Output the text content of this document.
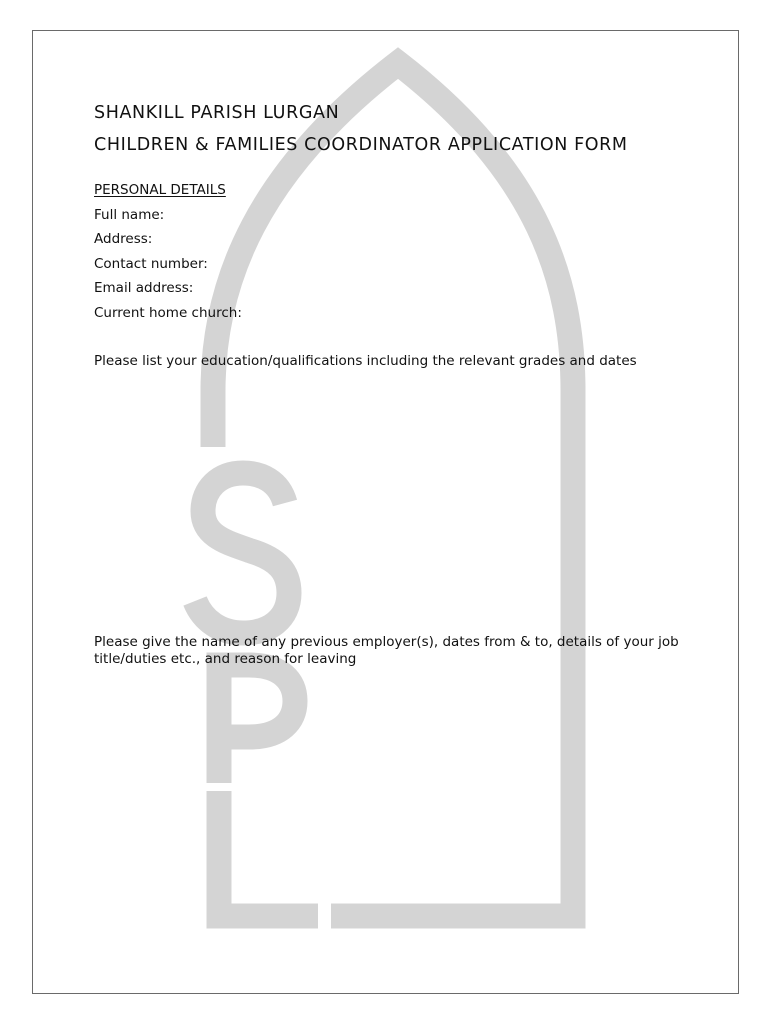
SHANKILL PARISH LURGAN
CHILDREN & FAMILIES COORDINATOR APPLICATION FORM
PERSONAL DETAILS
Full name:
Address:
Contact number:
Email address:
Current home church:
Please list your education/qualifications including the relevant grades and dates
Please give the name of any previous employer(s), dates from & to, details of your job title/duties etc., and reason for leaving
